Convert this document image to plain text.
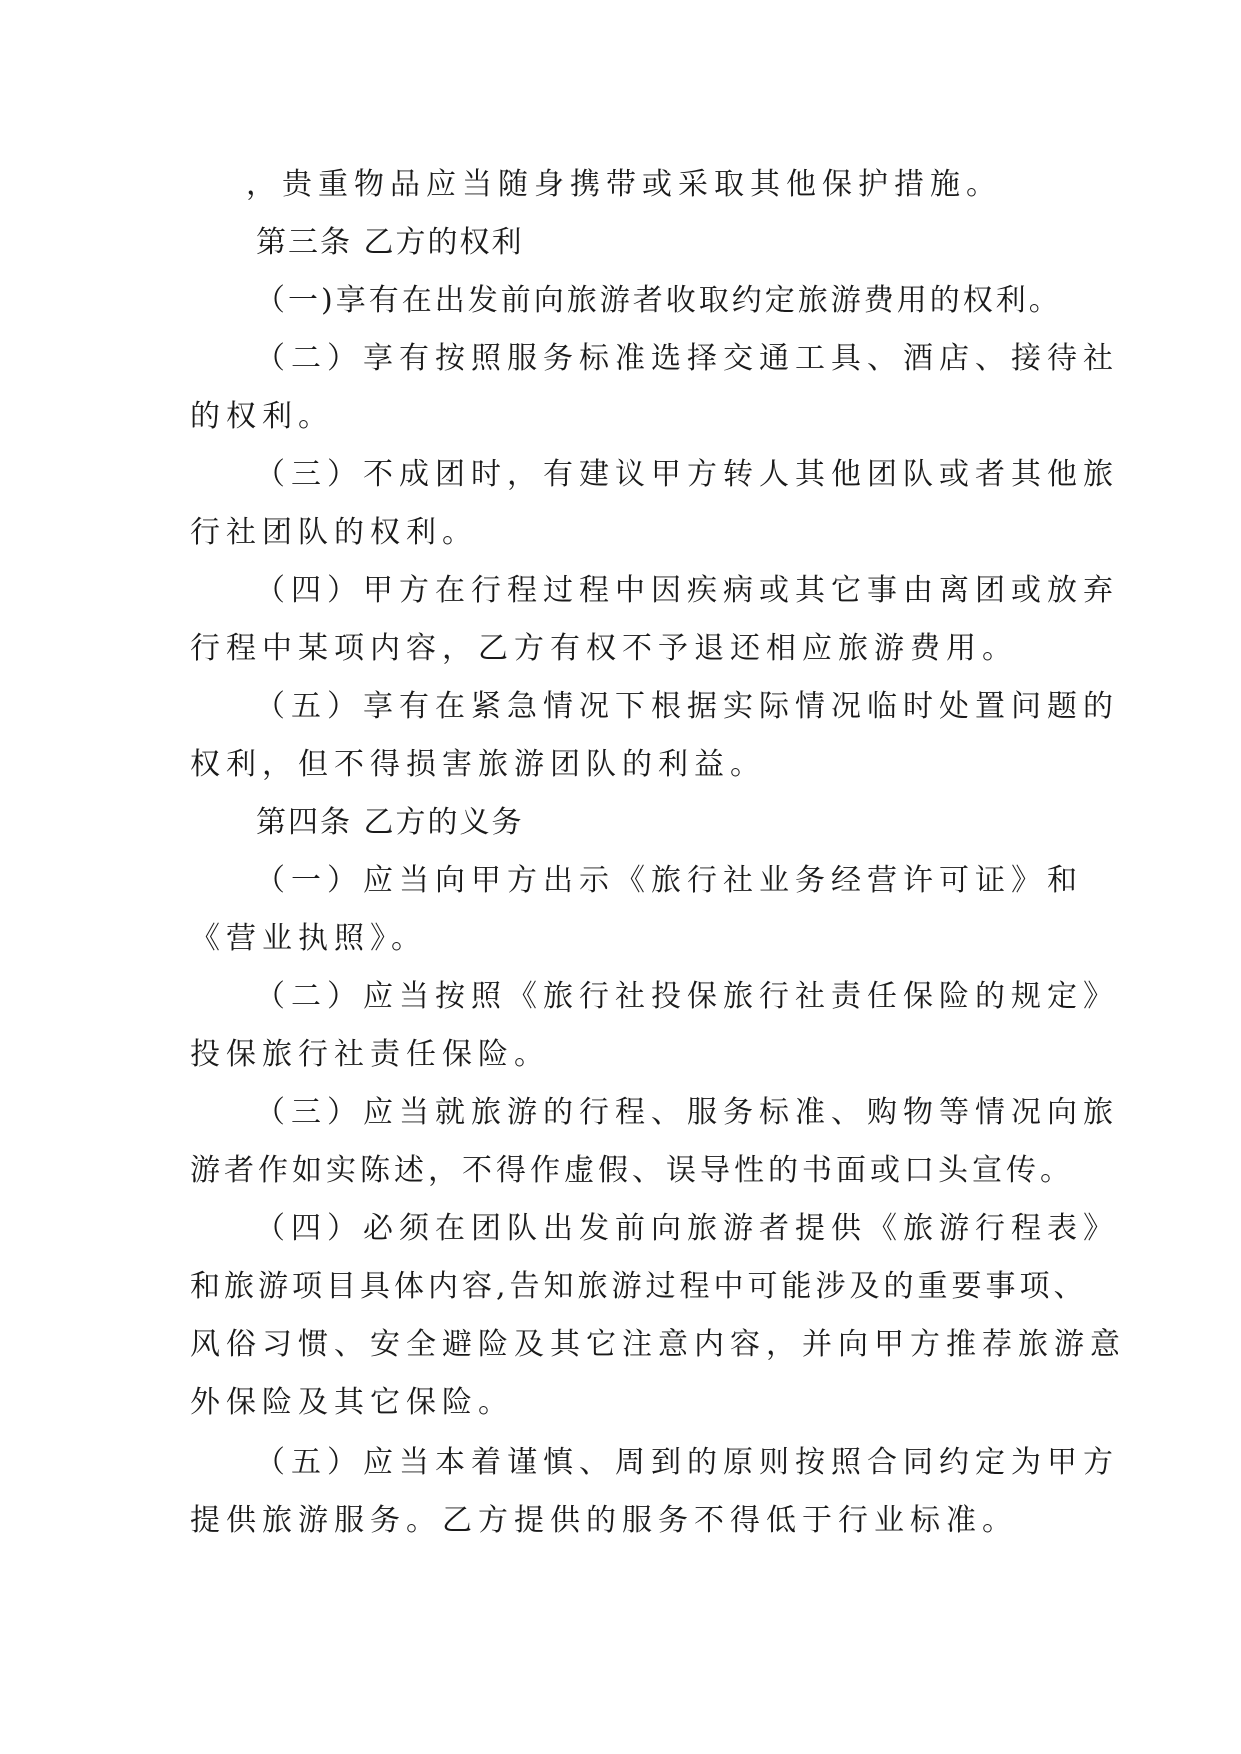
，贵重物品应当随身携带或采取其他保护措施。
第三条 乙方的权利
（一)享有在出发前向旅游者收取约定旅游费用的权利。
（二）享有按照服务标准选择交通工具、酒店、接待社
的权利。
（三）不成团时，有建议甲方转人其他团队或者其他旅
行社团队的权利。
（四）甲方在行程过程中因疾病或其它事由离团或放弃
行程中某项内容，乙方有权不予退还相应旅游费用。
（五）享有在紧急情况下根据实际情况临时处置问题的
权利，但不得损害旅游团队的利益。
第四条 乙方的义务
（一）应当向甲方出示《旅行社业务经营许可证》和
《营业执照》。
（二）应当按照《旅行社投保旅行社责任保险的规定》
投保旅行社责任保险。
（三）应当就旅游的行程、服务标准、购物等情况向旅
游者作如实陈述，不得作虚假、误导性的书面或口头宣传。
（四）必须在团队出发前向旅游者提供《旅游行程表》
和旅游项目具体内容,告知旅游过程中可能涉及的重要事项、
风俗习惯、安全避险及其它注意内容，并向甲方推荐旅游意
外保险及其它保险。
（五）应当本着谨慎、周到的原则按照合同约定为甲方
提供旅游服务。乙方提供的服务不得低于行业标准。
